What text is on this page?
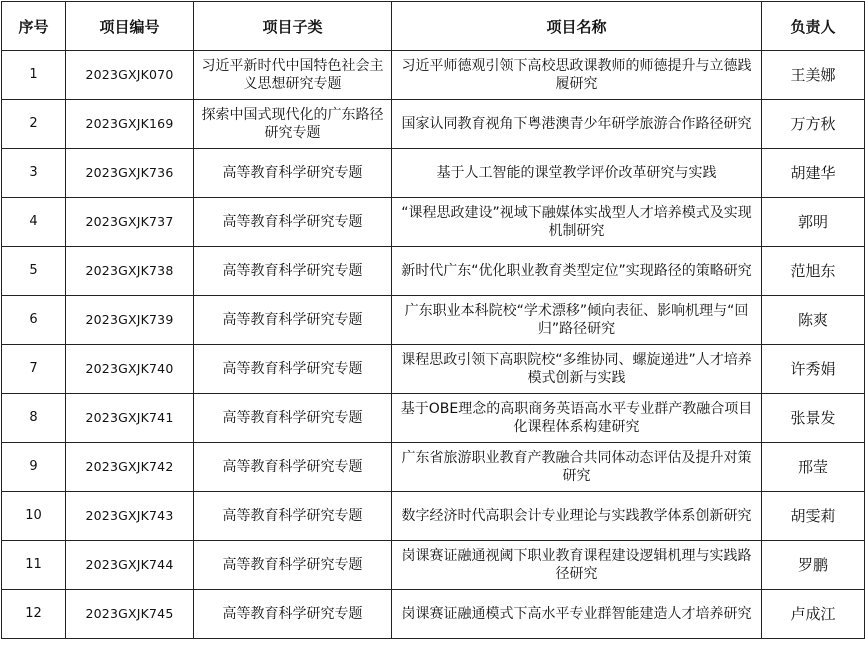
序号	项目编号	项目子类	项目名称	负责人
1	2023GXJK070	习近平新时代中国特色社会主义思想研究专题	习近平师德观引领下高校思政课教师的师德提升与立德践履研究	王美娜
2	2023GXJK169	探索中国式现代化的广东路径研究专题	国家认同教育视角下粤港澳青少年研学旅游合作路径研究	万方秋
3	2023GXJK736	高等教育科学研究专题	基于人工智能的课堂教学评价改革研究与实践	胡建华
4	2023GXJK737	高等教育科学研究专题	“课程思政建设”视域下融媒体实战型人才培养模式及实现机制研究	郭明
5	2023GXJK738	高等教育科学研究专题	新时代广东“优化职业教育类型定位”实现路径的策略研究	范旭东
6	2023GXJK739	高等教育科学研究专题	广东职业本科院校“学术漂移”倾向表征、影响机理与“回归”路径研究	陈爽
7	2023GXJK740	高等教育科学研究专题	课程思政引领下高职院校“多维协同、螺旋递进”人才培养模式创新与实践	许秀娟
8	2023GXJK741	高等教育科学研究专题	基于OBE理念的高职商务英语高水平专业群产教融合项目化课程体系构建研究	张景发
9	2023GXJK742	高等教育科学研究专题	广东省旅游职业教育产教融合共同体动态评估及提升对策研究	邢莹
10	2023GXJK743	高等教育科学研究专题	数字经济时代高职会计专业理论与实践教学体系创新研究	胡雯莉
11	2023GXJK744	高等教育科学研究专题	岗课赛证融通视阈下职业教育课程建设逻辑机理与实践路径研究	罗鹏
12	2023GXJK745	高等教育科学研究专题	岗课赛证融通模式下高水平专业群智能建造人才培养研究	卢成江
